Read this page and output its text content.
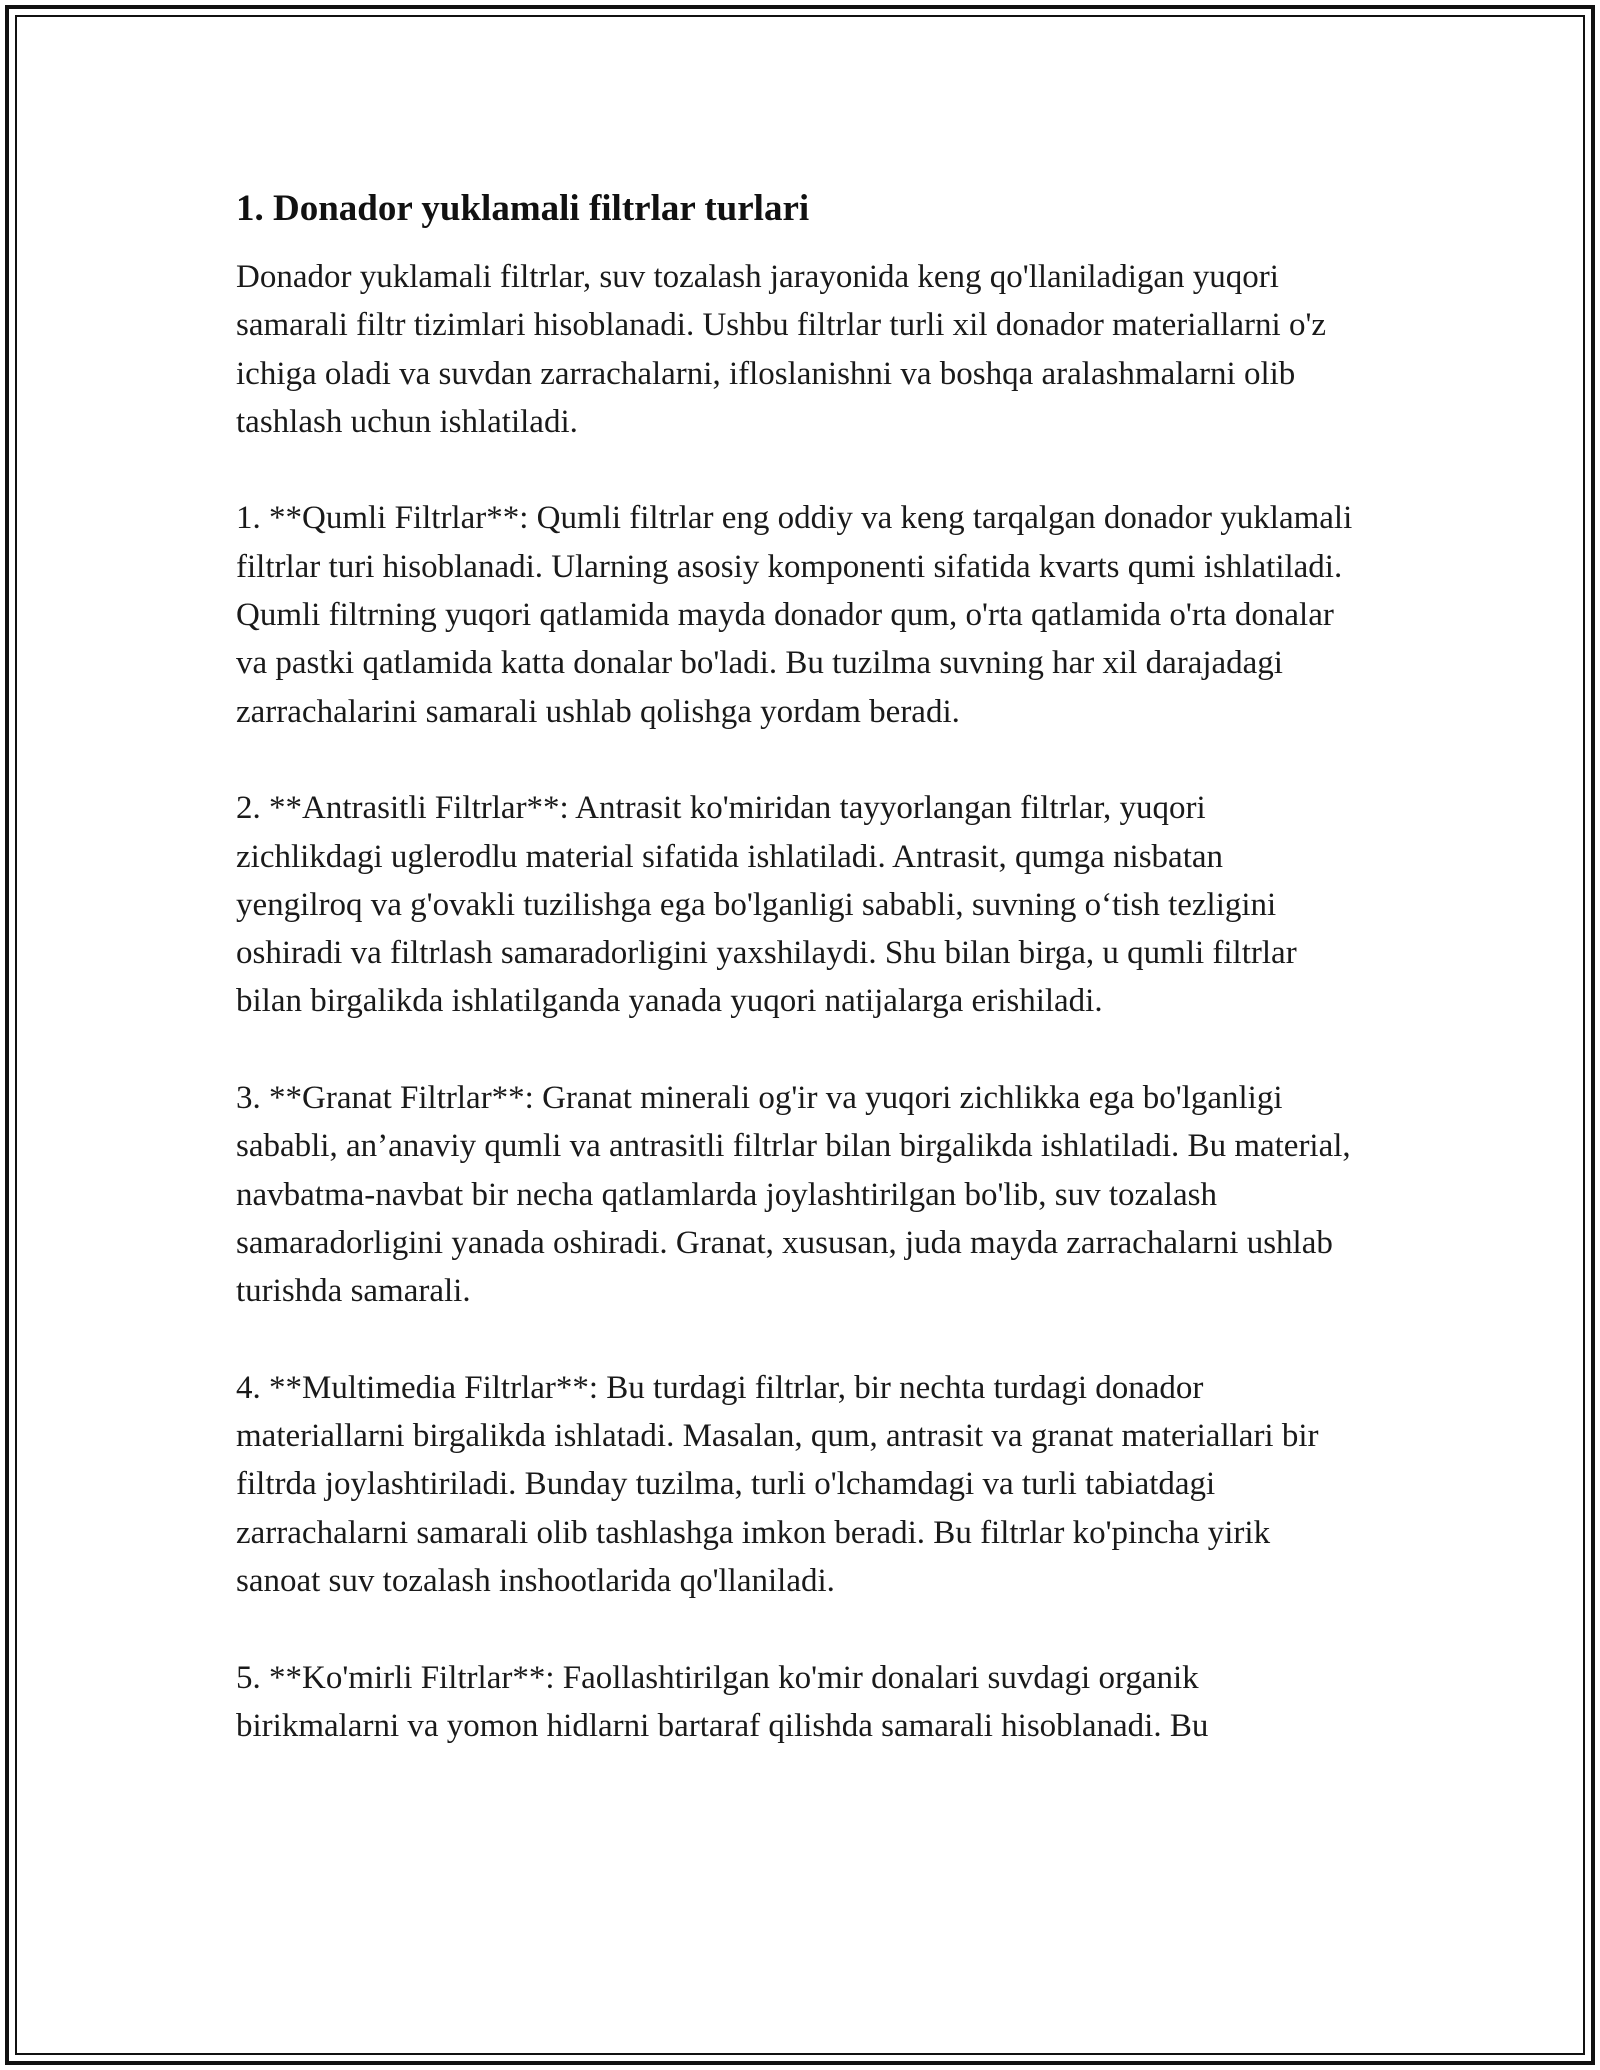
1. Donador yuklamali filtrlar turlari

Donador yuklamali filtrlar, suv tozalash jarayonida keng qo'llaniladigan yuqori samarali filtr tizimlari hisoblanadi. Ushbu filtrlar turli xil donador materiallarni o'z ichiga oladi va suvdan zarrachalarni, ifloslanishni va boshqa aralashmalarni olib tashlash uchun ishlatiladi.

1. **Qumli Filtrlar**: Qumli filtrlar eng oddiy va keng tarqalgan donador yuklamali filtrlar turi hisoblanadi. Ularning asosiy komponenti sifatida kvarts qumi ishlatiladi. Qumli filtrning yuqori qatlamida mayda donador qum, o'rta qatlamida o'rta donalar va pastki qatlamida katta donalar bo'ladi. Bu tuzilma suvning har xil darajadagi zarrachalarini samarali ushlab qolishga yordam beradi.

2. **Antrasitli Filtrlar**: Antrasit ko'miridan tayyorlangan filtrlar, yuqori zichlikdagi uglerodlu material sifatida ishlatiladi. Antrasit, qumga nisbatan yengilroq va g'ovakli tuzilishga ega bo'lganligi sababli, suvning o‘tish tezligini oshiradi va filtrlash samaradorligini yaxshilaydi. Shu bilan birga, u qumli filtrlar bilan birgalikda ishlatilganda yanada yuqori natijalarga erishiladi.

3. **Granat Filtrlar**: Granat minerali og'ir va yuqori zichlikka ega bo'lganligi sababli, an’anaviy qumli va antrasitli filtrlar bilan birgalikda ishlatiladi. Bu material, navbatma-navbat bir necha qatlamlarda joylashtirilgan bo'lib, suv tozalash samaradorligini yanada oshiradi. Granat, xususan, juda mayda zarrachalarni ushlab turishda samarali.

4. **Multimedia Filtrlar**: Bu turdagi filtrlar, bir nechta turdagi donador materiallarni birgalikda ishlatadi. Masalan, qum, antrasit va granat materiallari bir filtrda joylashtiriladi. Bunday tuzilma, turli o'lchamdagi va turli tabiatdagi zarrachalarni samarali olib tashlashga imkon beradi. Bu filtrlar ko'pincha yirik sanoat suv tozalash inshootlarida qo'llaniladi.

5. **Ko'mirli Filtrlar**: Faollashtirilgan ko'mir donalari suvdagi organik birikmalarni va yomon hidlarni bartaraf qilishda samarali hisoblanadi. Bu
